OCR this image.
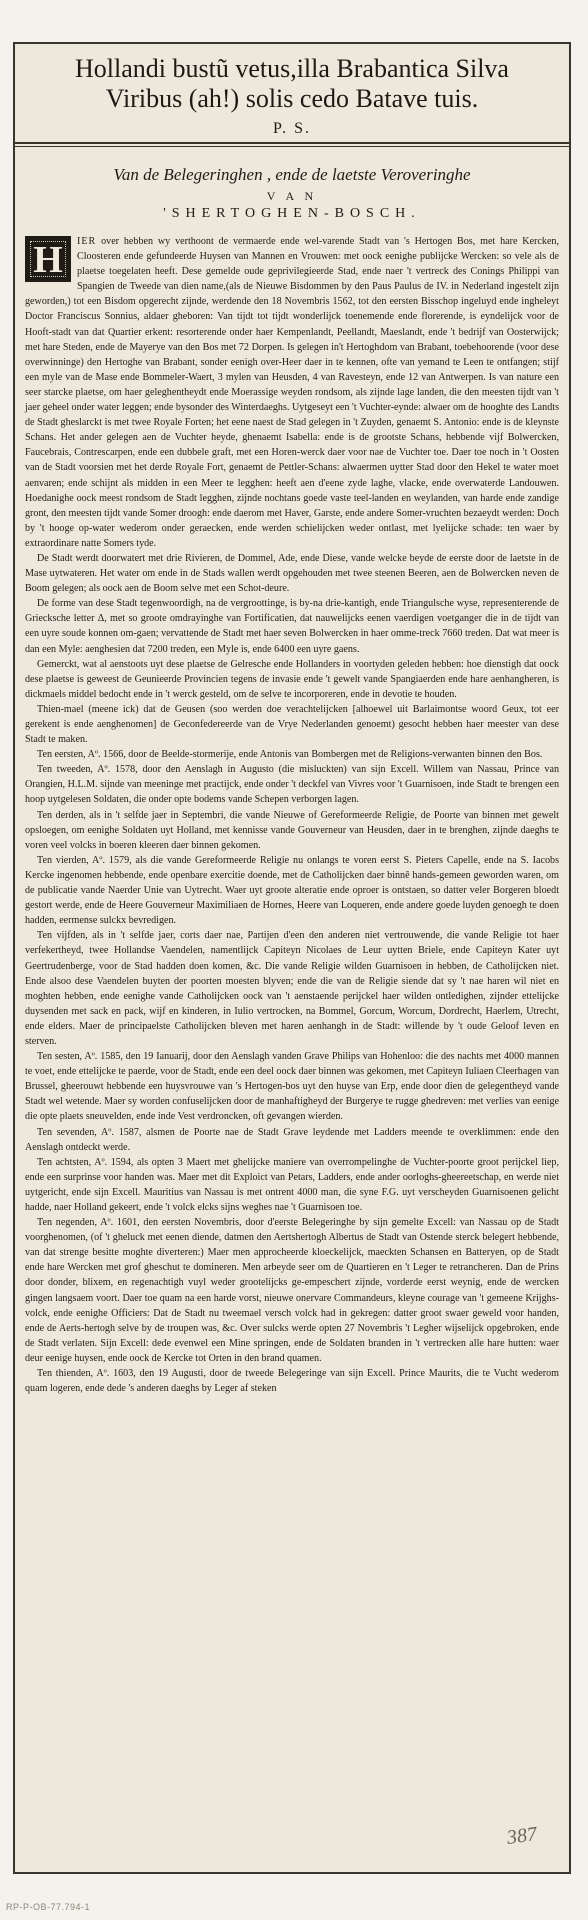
Hollandi bustũ vetus,illa Brabantica Silva
Viribus (ah!) solis cedo Batave tuis.
P. S.
Van de Belegeringhen , ende de laetste Veroveringhe
V A N
'SHERTOGHEN-BOSCH.

H	IER over hebben wy verthoont de vermaerde ende wel-varende Stadt van 's Hertogen Bos, met hare Kercken, Cloosteren ende gefundeerde Huysen van Mannen en Vrouwen: met oock eenighe publijcke Wercken: so vele als de plaetse toegelaten heeft. Dese gemelde oude geprivilegieerde Stad, ende naer 't vertreck des Conings Philippi van Spangien de Tweede van dien name,(als de Nieuwe Bisdommen by den Paus Paulus de IV. in Nederland ingestelt zijn geworden,) tot een Bisdom opgerecht zijnde, werdende den 18 Novembris 1562, tot den eersten Bisschop ingeluyd ende ingheleyt Doctor Franciscus Sonnius, aldaer gheboren: Van tijdt tot tijdt wonderlijck toenemende ende florerende, is eyndelijck voor de Hooft-stadt van dat Quartier erkent: resorterende onder haer Kempenlandt, Peellandt, Maeslandt, ende 't bedrijf van Oosterwijck; met hare Steden, ende de Mayerye van den Bos met 72 Dorpen. Is gelegen in't Hertoghdom van Brabant, toebehoorende (voor dese overwinninge) den Hertoghe van Brabant, sonder eenigh over-Heer daer in te kennen, ofte van yemand te Leen te ontfangen; stijf een myle van de Mase ende Bommeler-Waert, 3 mylen van Heusden, 4 van Ravesteyn, ende 12 van Antwerpen. Is van nature een seer starcke plaetse, om haer geleghentheydt ende Moerassige weyden rondsom, als zijnde lage landen, die den meesten tijdt van 't jaer geheel onder water leggen; ende bysonder des Winterdaeghs. Uytgeseyt een 't Vuchter-eynde: alwaer om de hooghte des Landts de Stadt gheslarckt is met twee Royale Forten; het eene naest de Stad gelegen in 't Zuyden, genaemt S. Antonio: ende is de kleynste Schans. Het ander gelegen aen de Vuchter heyde, ghenaemt Isabella: ende is de grootste Schans, hebbende vijf Bolwercken, Faucebrais, Contrescarpen, ende een dubbele graft, met een Horen-werck daer voor nae de Vuchter toe. Daer toe noch in 't Oosten van de Stadt voorsien met het derde Royale Fort, genaemt de Pettler-Schans: alwaermen uytter Stad door den Hekel te water moet aenvaren; ende schijnt als midden in een Meer te legghen: heeft aen d'eene zyde laghe, vlacke, ende overwaterde Landouwen. Hoedanighe oock meest rondsom de Stadt legghen, zijnde nochtans goede vaste teel-landen en weylanden, van harde ende zandige gront, den meesten tijdt vande Somer droogh: ende daerom met Haver, Garste, ende andere Somer-vruchten bezaeydt werden: Doch by 't hooge op-water wederom onder geraecken, ende werden schielijcken weder ontlast, met lyelijcke schade: ten waer by extraordinare natte Somers tyde.

De Stadt werdt doorwatert met drie Rivieren, de Dommel, Ade, ende Diese, vande welcke beyde de eerste door de laetste in de Mase uytwateren. Het water om ende in de Stads wallen werdt opgehouden met twee steenen Beeren, aen de Bolwercken neven de Boom gelegen; als oock aen de Boom selve met een Schot-deure.

De forme van dese Stadt tegenwoordigh, na de vergroottinge, is by-na drie-kantigh, ende Triangulsche wyse, representerende de Griecksche letter Δ, met so groote omdrayinghe van Fortificatien, dat nauwelijcks eenen vaerdigen voetganger die in de tijdt van een uyre soude konnen om-gaen; vervattende de Stadt met haer seven Bolwercken in haer omme-treck 7660 treden. Dat wat meer is dan een Myle: aenghesien dat 7200 treden, een Myle is, ende 6400 een uyre gaens.

Gemerckt, wat al aenstoots uyt dese plaetse de Gelresche ende Hollanders in voortyden geleden hebben: hoe dienstigh dat oock dese plaetse is geweest de Geunieerde Provincien tegens de invasie ende 't gewelt vande Spangiaerden ende hare aenhangheren, is dickmaels middel bedocht ende in 't werck gesteld, om de selve te incorporeren, ende in devotie te houden.

Thien-mael (meene ick) dat de Geusen (soo werden doe verachtelijcken [alhoewel uit Barlaimontse woord Geux, tot eer gerekent is ende aenghenomen] de Geconfedereerde van de Vrye Nederlanden genoemt) gesocht hebben haer meester van dese Stadt te maken.

Ten eersten, Aº. 1566, door de Beelde-stormerije, ende Antonis van Bombergen met de Religions-verwanten binnen den Bos.

Ten tweeden, Aº. 1578, door den Aenslagh in Augusto (die misluckten) van sijn Excell. Willem van Nassau, Prince van Orangien, H.L.M. sijnde van meeninge met practijck, ende onder 't deckfel van Vivres voor 't Guarnisoen, inde Stadt te brengen een hoop uytgelesen Soldaten, die onder opte bodems vande Schepen verborgen lagen.

Ten derden, als in 't selfde jaer in Septembri, die vande Nieuwe of Gereformeerde Religie, de Poorte van binnen met gewelt opsloegen, om eenighe Soldaten uyt Holland, met kennisse vande Gouverneur van Heusden, daer in te brenghen, zijnde daeghs te voren veel volcks in boeren kleeren daer binnen gekomen.

Ten vierden, Aº. 1579, als die vande Gereformeerde Religie nu onlangs te voren eerst S. Pieters Capelle, ende na S. Iacobs Kercke ingenomen hebbende, ende openbare exercitie doende, met de Catholijcken daer binnē hands-gemeen geworden waren, om de publicatie vande Naerder Unie van Uytrecht. Waer uyt groote alteratie ende oproer is ontstaen, so datter veler Borgeren bloedt gestort werde, ende de Heere Gouverneur Maximiliaen de Hornes, Heere van Loqueren, ende andere goede luyden genoegh te doen hadden, eermense sulckx bevredigen.

Ten vijfden, als in 't selfde jaer, corts daer nae, Partijen d'een den anderen niet vertrouwende, die vande Religie tot haer verfekertheyd, twee Hollandse Vaendelen, namentlijck Capiteyn Nicolaes de Leur uytten Briele, ende Capiteyn Kater uyt Geertrudenberge, voor de Stad hadden doen komen, &c. Die vande Religie wilden Guarnisoen in hebben, de Catholijcken niet. Ende alsoo dese Vaendelen buyten der poorten moesten blyven; ende die van de Religie siende dat sy 't nae haren wil niet en moghten hebben, ende eenighe vande Catholijcken oock van 't aenstaende perijckel haer wilden ontledighen, zijnder ettelijcke duysenden met sack en pack, wijf en kinderen, in Iulio vertrocken, na Bommel, Gorcum, Worcum, Dordrecht, Haerlem, Utrecht, ende elders. Maer de principaelste Catholijcken bleven met haren aenhangh in de Stadt: willende by 't oude Geloof leven en sterven.

Ten sesten, Aº. 1585, den 19 Ianuarij, door den Aenslagh vanden Grave Philips van Hohenloo: die des nachts met 4000 mannen te voet, ende ettelijcke te paerde, voor de Stadt, ende een deel oock daer binnen was gekomen, met Capiteyn Iuliaen Cleerhagen van Brussel, gheerouwt hebbende een huysvrouwe van 's Hertogen-bos uyt den huyse van Erp, ende door dien de gelegentheyd vande Stadt wel wetende. Maer sy worden confuselijcken door de manhaftigheyd der Burgerye te rugge ghedreven: met verlies van eenige die opte plaets sneuvelden, ende inde Vest verdroncken, oft gevangen wierden.

Ten sevenden, Aº. 1587, alsmen de Poorte nae de Stadt Grave leydende met Ladders meende te overklimmen: ende den Aenslagh ontdeckt werde.

Ten achtsten, Aº. 1594, als opten 3 Maert met ghelijcke maniere van overrompelinghe de Vuchter-poorte groot perijckel liep, ende een surprinse voor handen was. Maer met dit Exploict van Petars, Ladders, ende ander oorloghs-gheereetschap, en werde niet uytgericht, ende sijn Excell. Mauritius van Nassau is met ontrent 4000 man, die syne F.G. uyt verscheyden Guarnisoenen gelicht hadde, naer Holland gekeert, ende 't volck elcks sijns weghes nae 't Guarnisoen toe.

Ten negenden, Aº. 1601, den eersten Novembris, door d'eerste Belegeringhe by sijn gemelte Excell: van Nassau op de Stadt voorghenomen, (of 't gheluck met eenen diende, datmen den Aertshertogh Albertus de Stadt van Ostende sterck belegert hebbende, van dat strenge besitte moghte diverteren:) Maer men approcheerde kloeckelijck, maeckten Schansen en Batteryen, op de Stadt ende hare Wercken met grof gheschut te domineren. Men arbeyde seer om de Quartieren en 't Leger te retrancheren. Dan de Prins door donder, blixem, en regenachtigh vuyl weder grootelijcks ge-empeschert zijnde, vorderde eerst weynig, ende de wercken gingen langsaem voort. Daer toe quam na een harde vorst, nieuwe onervare Commandeurs, kleyne courage van 't gemeene Krijghs-volck, ende eenighe Officiers: Dat de Stadt nu tweemael versch volck had in gekregen: datter groot swaer geweld voor handen, ende de Aerts-hertogh selve by de troupen was, &c. Over sulcks werde opten 27 Novembris 't Legher wijselijck opgebroken, ende de Stadt verlaten. Sijn Excell: dede evenwel een Mine springen, ende de Soldaten branden in 't vertrecken alle hare hutten: waer deur eenige huysen, ende oock de Kercke tot Orten in den brand quamen.

Ten thienden, Aº. 1603, den 19 Augusti, door de tweede Belegeringe van sijn Excell. Prince Maurits, die te Vucht wederom quam logeren, ende dede 's anderen daeghs by Leger af steken

387
RP-P-OB-77.794-1
